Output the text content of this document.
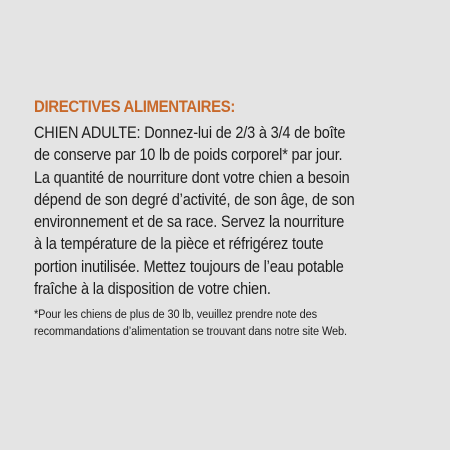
DIRECTIVES ALIMENTAIRES:
CHIEN ADULTE: Donnez-lui de 2/3 à 3/4 de boîte
de conserve par 10 lb de poids corporel* par jour.
La quantité de nourriture dont votre chien a besoin
dépend de son degré d’activité, de son âge, de son
environnement et de sa race. Servez la nourriture
à la température de la pièce et réfrigérez toute
portion inutilisée. Mettez toujours de l’eau potable
fraîche à la disposition de votre chien.
*Pour les chiens de plus de 30 lb, veuillez prendre note des
recommandations d’alimentation se trouvant dans notre site Web.
